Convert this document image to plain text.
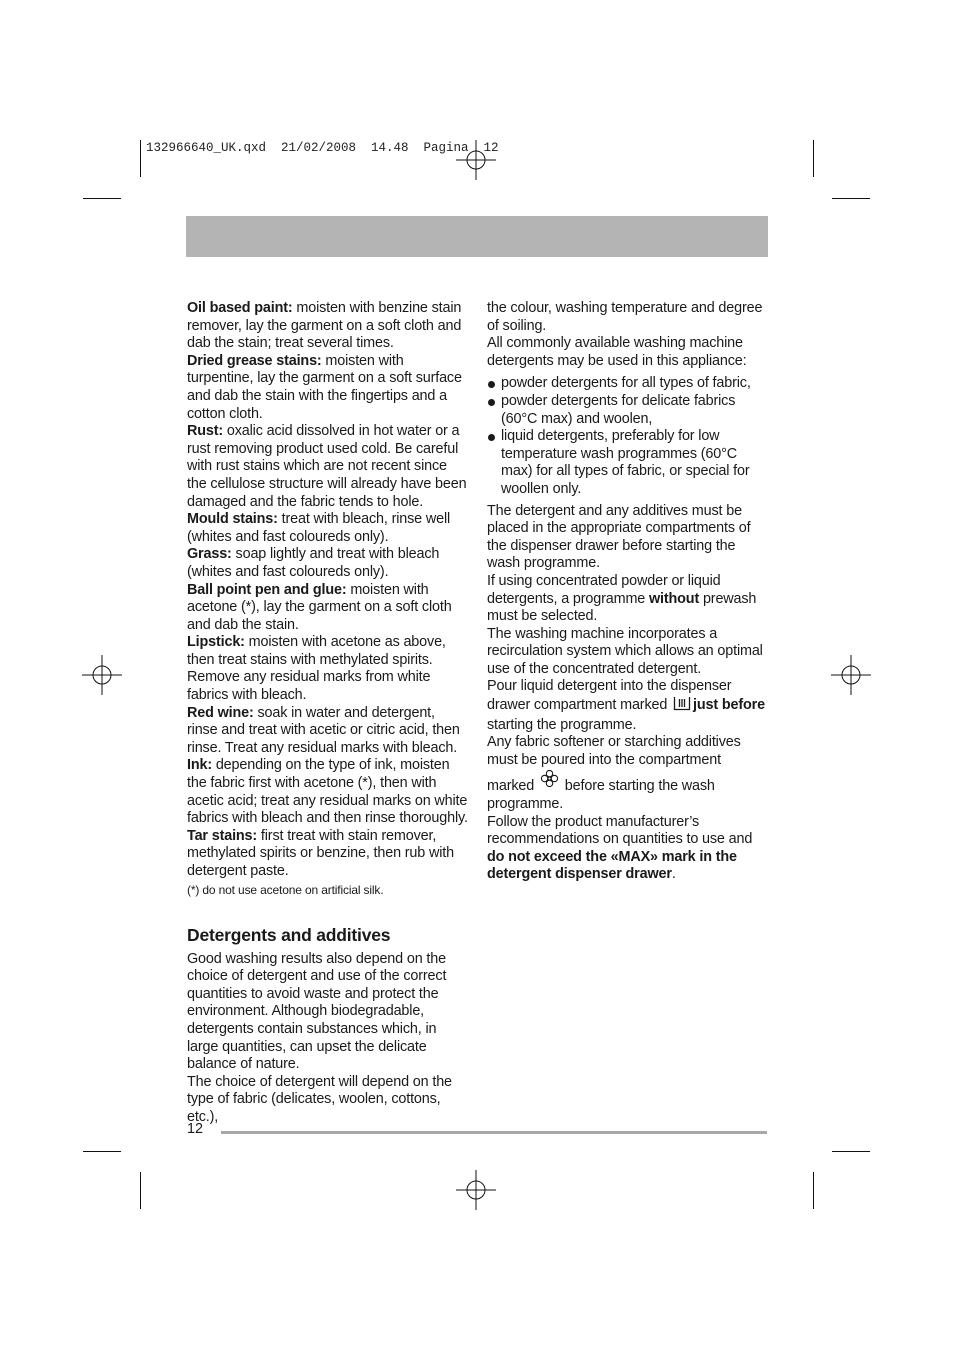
132966640_UK.qxd  21/02/2008  14.48  Pagina  12

Oil based paint: moisten with benzine stain remover, lay the garment on a soft cloth and dab the stain; treat several times.

Dried grease stains: moisten with turpentine, lay the garment on a soft surface and dab the stain with the fingertips and a cotton cloth.

Rust: oxalic acid dissolved in hot water or a rust removing product used cold. Be careful with rust stains which are not recent since the cellulose structure will already have been damaged and the fabric tends to hole.

Mould stains: treat with bleach, rinse well (whites and fast coloureds only).

Grass: soap lightly and treat with bleach (whites and fast coloureds only).

Ball point pen and glue: moisten with acetone (*), lay the garment on a soft cloth and dab the stain.

Lipstick: moisten with acetone as above, then treat stains with methylated spirits. Remove any residual marks from white fabrics with bleach.

Red wine: soak in water and detergent, rinse and treat with acetic or citric acid, then rinse. Treat any residual marks with bleach.

Ink: depending on the type of ink, moisten the fabric first with acetone (*), then with acetic acid; treat any residual marks on white fabrics with bleach and then rinse thoroughly.

Tar stains: first treat with stain remover, methylated spirits or benzine, then rub with detergent paste.

(*) do not use acetone on artificial silk.

Detergents and additives

Good washing results also depend on the choice of detergent and use of the correct quantities to avoid waste and protect the environment. Although biodegradable, detergents contain substances which, in large quantities, can upset the delicate balance of nature.

The choice of detergent will depend on the type of fabric (delicates, woolen, cottons, etc.),

the colour, washing temperature and degree of soiling.

All commonly available washing machine detergents may be used in this appliance:

powder detergents for all types of fabric,
powder detergents for delicate fabrics (60°C max) and woolen,
liquid detergents, preferably for low temperature wash programmes (60°C max) for all types of fabric, or special for woollen only.

The detergent and any additives must be placed in the appropriate compartments of the dispenser drawer before starting the wash programme.

If using concentrated powder or liquid detergents, a programme without prewash must be selected.

The washing machine incorporates a recirculation system which allows an optimal use of the concentrated detergent.

Pour liquid detergent into the dispenser drawer compartment marked just before starting the programme.

Any fabric softener or starching additives must be poured into the compartment marked  before starting the wash programme.

Follow the product manufacturer’s recommendations on quantities to use and do not exceed the «MAX» mark in the detergent dispenser drawer.

12
